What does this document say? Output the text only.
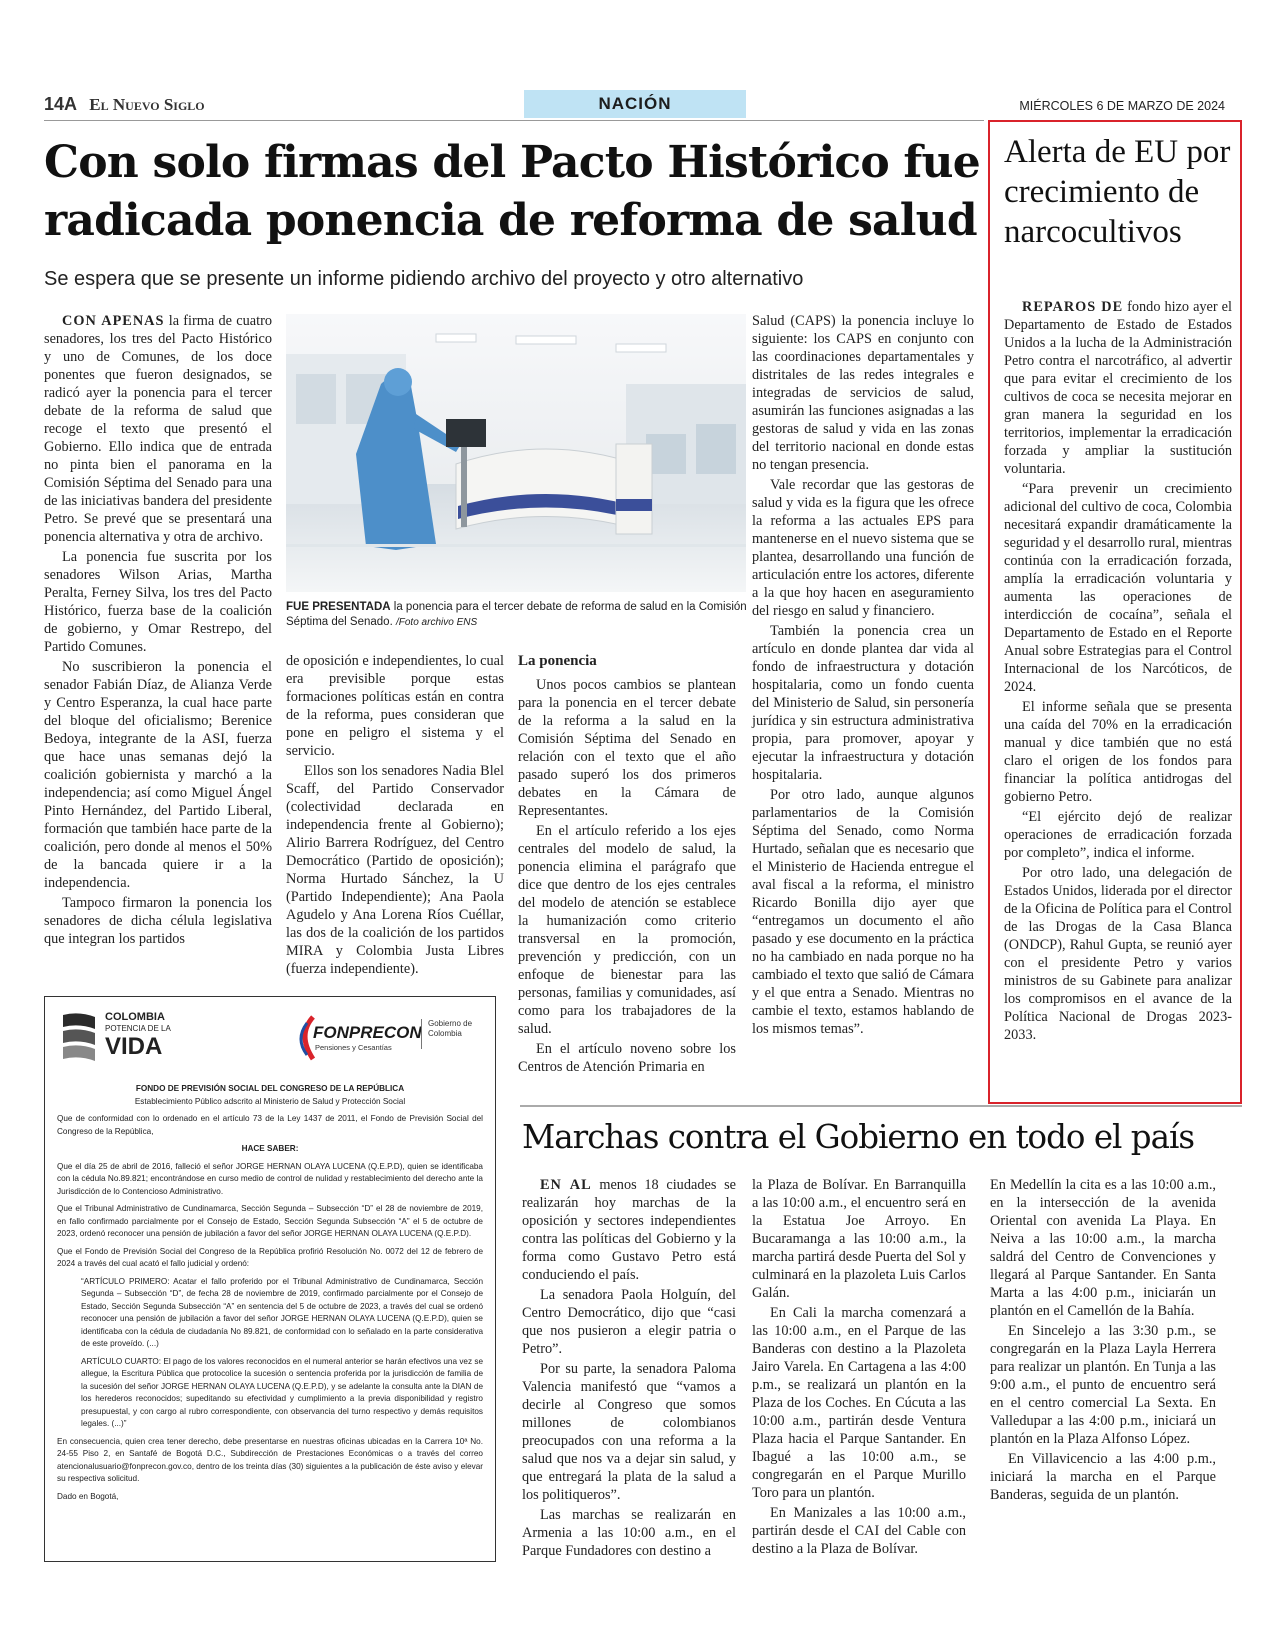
14A El Nuevo Siglo	NACIÓN	MIÉRCOLES 6 DE MARZO DE 2024
Con solo firmas del Pacto Histórico fue radicada ponencia de reforma de salud
Se espera que se presente un informe pidiendo archivo del proyecto y otro alternativo

CON APENAS la firma de cuatro senadores, los tres del Pacto Histórico y uno de Comunes, de los doce ponentes que fueron designados, se radicó ayer la ponencia para el tercer debate de la reforma de salud que recoge el texto que presentó el Gobierno. Ello indica que de entrada no pinta bien el panorama en la Comisión Séptima del Senado para una de las iniciativas bandera del presidente Petro. Se prevé que se presentará una ponencia alternativa y otra de archivo.

La ponencia fue suscrita por los senadores Wilson Arias, Martha Peralta, Ferney Silva, los tres del Pacto Histórico, fuerza base de la coalición de gobierno, y Omar Restrepo, del Partido Comunes.

No suscribieron la ponencia el senador Fabián Díaz, de Alianza Verde y Centro Esperanza, la cual hace parte del bloque del oficialismo; Berenice Bedoya, integrante de la ASI, fuerza que hace unas semanas dejó la coalición gobiernista y marchó a la independencia; así como Miguel Ángel Pinto Hernández, del Partido Liberal, formación que también hace parte de la coalición, pero donde al menos el 50% de la bancada quiere ir a la independencia.

Tampoco firmaron la ponencia los senadores de dicha célula legislativa que integran los partidos

FUE PRESENTADA la ponencia para el tercer debate de reforma de salud en la Comisión Séptima del Senado. /Foto archivo ENS

de oposición e independientes, lo cual era previsible porque estas formaciones políticas están en contra de la reforma, pues consideran que pone en peligro el sistema y el servicio.

Ellos son los senadores Nadia Blel Scaff, del Partido Conservador (colectividad declarada en independencia frente al Gobierno); Alirio Barrera Rodríguez, del Centro Democrático (Partido de oposición); Norma Hurtado Sánchez, la U (Partido Independiente); Ana Paola Agudelo y Ana Lorena Ríos Cuéllar, las dos de la coalición de los partidos MIRA y Colombia Justa Libres (fuerza independiente).

La ponencia

Unos pocos cambios se plantean para la ponencia en el tercer debate de la reforma a la salud en la Comisión Séptima del Senado en relación con el texto que el año pasado superó los dos primeros debates en la Cámara de Representantes.

En el artículo referido a los ejes centrales del modelo de salud, la ponencia elimina el parágrafo que dice que dentro de los ejes centrales del modelo de atención se establece la humanización como criterio transversal en la promoción, prevención y predicción, con un enfoque de bienestar para las personas, familias y comunidades, así como para los trabajadores de la salud.

En el artículo noveno sobre los Centros de Atención Primaria en

Salud (CAPS) la ponencia incluye lo siguiente: los CAPS en conjunto con las coordinaciones departamentales y distritales de las redes integrales e integradas de servicios de salud, asumirán las funciones asignadas a las gestoras de salud y vida en las zonas del territorio nacional en donde estas no tengan presencia.

Vale recordar que las gestoras de salud y vida es la figura que les ofrece la reforma a las actuales EPS para mantenerse en el nuevo sistema que se plantea, desarrollando una función de articulación entre los actores, diferente a la que hoy hacen en aseguramiento del riesgo en salud y financiero.

También la ponencia crea un artículo en donde plantea dar vida al fondo de infraestructura y dotación hospitalaria, como un fondo cuenta del Ministerio de Salud, sin personería jurídica y sin estructura administrativa propia, para promover, apoyar y ejecutar la infraestructura y dotación hospitalaria.

Por otro lado, aunque algunos parlamentarios de la Comisión Séptima del Senado, como Norma Hurtado, señalan que es necesario que el Ministerio de Hacienda entregue el aval fiscal a la reforma, el ministro Ricardo Bonilla dijo ayer que “entregamos un documento el año pasado y ese documento en la práctica no ha cambiado en nada porque no ha cambiado el texto que salió de Cámara y el que entra a Senado. Mientras no cambie el texto, estamos hablando de los mismos temas”.

Alerta de EU por crecimiento de narcocultivos

REPAROS DE fondo hizo ayer el Departamento de Estado de Estados Unidos a la lucha de la Administración Petro contra el narcotráfico, al advertir que para evitar el crecimiento de los cultivos de coca se necesita mejorar en gran manera la seguridad en los territorios, implementar la erradicación forzada y ampliar la sustitución voluntaria.

“Para prevenir un crecimiento adicional del cultivo de coca, Colombia necesitará expandir dramáticamente la seguridad y el desarrollo rural, mientras continúa con la erradicación forzada, amplía la erradicación voluntaria y aumenta las operaciones de interdicción de cocaína”, señala el Departamento de Estado en el Reporte Anual sobre Estrategias para el Control Internacional de los Narcóticos, de 2024.

El informe señala que se presenta una caída del 70% en la erradicación manual y dice también que no está claro el origen de los fondos para financiar la política antidrogas del gobierno Petro.

“El ejército dejó de realizar operaciones de erradicación forzada por completo”, indica el informe.

Por otro lado, una delegación de Estados Unidos, liderada por el director de la Oficina de Política para el Control de las Drogas de la Casa Blanca (ONDCP), Rahul Gupta, se reunió ayer con el presidente Petro y varios ministros de su Gabinete para analizar los compromisos en el avance de la Política Nacional de Drogas 2023-2033.

COLOMBIA
POTENCIA DE LA
VIDA
FONPRECON
Pensiones y Cesantías
Gobierno de Colombia

FONDO DE PREVISIÓN SOCIAL DEL CONGRESO DE LA REPÚBLICA

Establecimiento Público adscrito al Ministerio de Salud y Protección Social

Que de conformidad con lo ordenado en el artículo 73 de la Ley 1437 de 2011, el Fondo de Previsión Social del Congreso de la República,

HACE SABER:

Que el día 25 de abril de 2016, falleció el señor JORGE HERNAN OLAYA LUCENA (Q.E.P.D), quien se identificaba con la cédula No.89.821; encontrándose en curso medio de control de nulidad y restablecimiento del derecho ante la Jurisdicción de lo Contencioso Administrativo.

Que el Tribunal Administrativo de Cundinamarca, Sección Segunda – Subsección “D” el 28 de noviembre de 2019, en fallo confirmado parcialmente por el Consejo de Estado, Sección Segunda Subsección “A” el 5 de octubre de 2023, ordenó reconocer una pensión de jubilación a favor del señor JORGE HERNAN OLAYA LUCENA (Q.E.P.D).

Que el Fondo de Previsión Social del Congreso de la República profirió Resolución No. 0072 del 12 de febrero de 2024 a través del cual acató el fallo judicial y ordenó:

“ARTÍCULO PRIMERO: Acatar el fallo proferido por el Tribunal Administrativo de Cundinamarca, Sección Segunda – Subsección “D”, de fecha 28 de noviembre de 2019, confirmado parcialmente por el Consejo de Estado, Sección Segunda Subsección “A” en sentencia del 5 de octubre de 2023, a través del cual se ordenó reconocer una pensión de jubilación a favor del señor JORGE HERNAN OLAYA LUCENA (Q.E.P.D), quien se identificaba con la cédula de ciudadanía No 89.821, de conformidad con lo señalado en la parte considerativa de este proveído. (...)

ARTÍCULO CUARTO: El pago de los valores reconocidos en el numeral anterior se harán efectivos una vez se allegue, la Escritura Pública que protocolice la sucesión o sentencia proferida por la jurisdicción de familia de la sucesión del señor JORGE HERNAN OLAYA LUCENA (Q.E.P.D), y se adelante la consulta ante la DIAN de los herederos reconocidos; supeditando su efectividad y cumplimiento a la previa disponibilidad y registro presupuestal, y con cargo al rubro correspondiente, con observancia del turno respectivo y demás requisitos legales. (...)”

En consecuencia, quien crea tener derecho, debe presentarse en nuestras oficinas ubicadas en la Carrera 10ª No. 24-55 Piso 2, en Santafé de Bogotá D.C., Subdirección de Prestaciones Económicas o a través del correo atencionalusuario@fonprecon.gov.co, dentro de los treinta días (30) siguientes a la publicación de éste aviso y elevar su respectiva solicitud.

Dado en Bogotá,

Marchas contra el Gobierno en todo el país

EN AL menos 18 ciudades se realizarán hoy marchas de la oposición y sectores independientes contra las políticas del Gobierno y la forma como Gustavo Petro está conduciendo el país.

La senadora Paola Holguín, del Centro Democrático, dijo que “casi que nos pusieron a elegir patria o Petro”.

Por su parte, la senadora Paloma Valencia manifestó que “vamos a decirle al Congreso que somos millones de colombianos preocupados con una reforma a la salud que nos va a dejar sin salud, y que entregará la plata de la salud a los politiqueros”.

Las marchas se realizarán en Armenia a las 10:00 a.m., en el Parque Fundadores con destino a

la Plaza de Bolívar. En Barranquilla a las 10:00 a.m., el encuentro será en la Estatua Joe Arroyo. En Bucaramanga a las 10:00 a.m., la marcha partirá desde Puerta del Sol y culminará en la plazoleta Luis Carlos Galán.

En Cali la marcha comenzará a las 10:00 a.m., en el Parque de las Banderas con destino a la Plazoleta Jairo Varela. En Cartagena a las 4:00 p.m., se realizará un plantón en la Plaza de los Coches. En Cúcuta a las 10:00 a.m., partirán desde Ventura Plaza hacia el Parque Santander. En Ibagué a las 10:00 a.m., se congregarán en el Parque Murillo Toro para un plantón.

En Manizales a las 10:00 a.m., partirán desde el CAI del Cable con destino a la Plaza de Bolívar.

En Medellín la cita es a las 10:00 a.m., en la intersección de la avenida Oriental con avenida La Playa. En Neiva a las 10:00 a.m., la marcha saldrá del Centro de Convenciones y llegará al Parque Santander. En Santa Marta a las 4:00 p.m., iniciarán un plantón en el Camellón de la Bahía.

En Sincelejo a las 3:30 p.m., se congregarán en la Plaza Layla Herrera para realizar un plantón. En Tunja a las 9:00 a.m., el punto de encuentro será en el centro comercial La Sexta. En Valledupar a las 4:00 p.m., iniciará un plantón en la Plaza Alfonso López.

En Villavicencio a las 4:00 p.m., iniciará la marcha en el Parque Banderas, seguida de un plantón.
